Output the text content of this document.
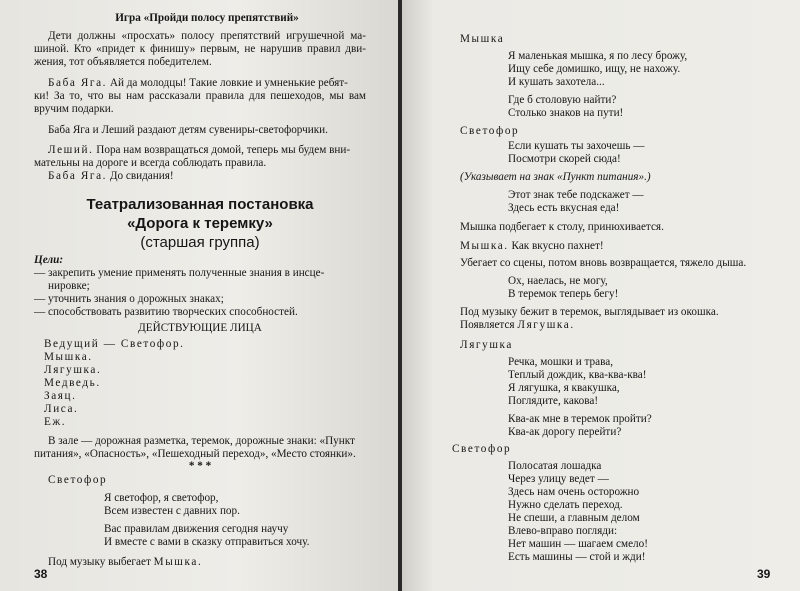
Игра «Пройди полосу препятствий»
Дети должны «просхать» полосу препятствий игрушечной ма-
шиной. Кто «придет к финишу» первым, не нарушив правил дви-
жения, тот объявляется победителем.
Баба Яга. Ай да молодцы! Такие ловкие и умненькие ребят-
ки! За то, что вы нам рассказали правила для пешеходов, мы вам
вручим подарки.
Баба Яга и Леший раздают детям сувениры-светофорчики.
Леший. Пора нам возвращаться домой, теперь мы будем вни-
мательны на дороге и всегда соблюдать правила.
Баба Яга. До свидания!
Театрализованная постановка
«Дорога к теремку»
(старшая группа)
Цели:
— закрепить умение применять полученные знания в инсце-
нировке;
— уточнить знания о дорожных знаках;
— способствовать развитию творческих способностей.
ДЕЙСТВУЮЩИЕ ЛИЦА
Ведущий — Светофор.
Мышка.
Лягушка.
Медведь.
Заяц.
Лиса.
Еж.
В зале — дорожная разметка, теремок, дорожные знаки: «Пункт
питания», «Опасность», «Пешеходный переход», «Место стоянки».
* * *
Светофор
Я светофор, я светофор,
Всем известен с давних пор.
Вас правилам движения сегодня научу
И вместе с вами в сказку отправиться хочу.
Под музыку выбегает Мышка.
38
Мышка
Я маленькая мышка, я по лесу брожу,
Ищу себе домишко, ищу, не нахожу.
И кушать захотела...
Где б столовую найти?
Столько знаков на пути!
Светофор
Если кушать ты захочешь —
Посмотри скорей сюда!
(Указывает на знак «Пункт питания».)
Этот знак тебе подскажет —
Здесь есть вкусная еда!
Мышка подбегает к столу, принюхивается.
Мышка. Как вкусно пахнет!
Убегает со сцены, потом вновь возвращается, тяжело дыша.
Ох, наелась, не могу,
В теремок теперь бегу!
Под музыку бежит в теремок, выглядывает из окошка.
Появляется Лягушка.
Лягушка
Речка, мошки и трава,
Теплый дождик, ква-ква-ква!
Я лягушка, я квакушка,
Поглядите, какова!
Ква-ак мне в теремок пройти?
Ква-ак дорогу перейти?
Светофор
Полосатая лошадка
Через улицу ведет —
Здесь нам очень осторожно
Нужно сделать переход.
Не спеши, а главным делом
Влево-вправо погляди:
Нет машин — шагаем смело!
Есть машины — стой и жди!
39
